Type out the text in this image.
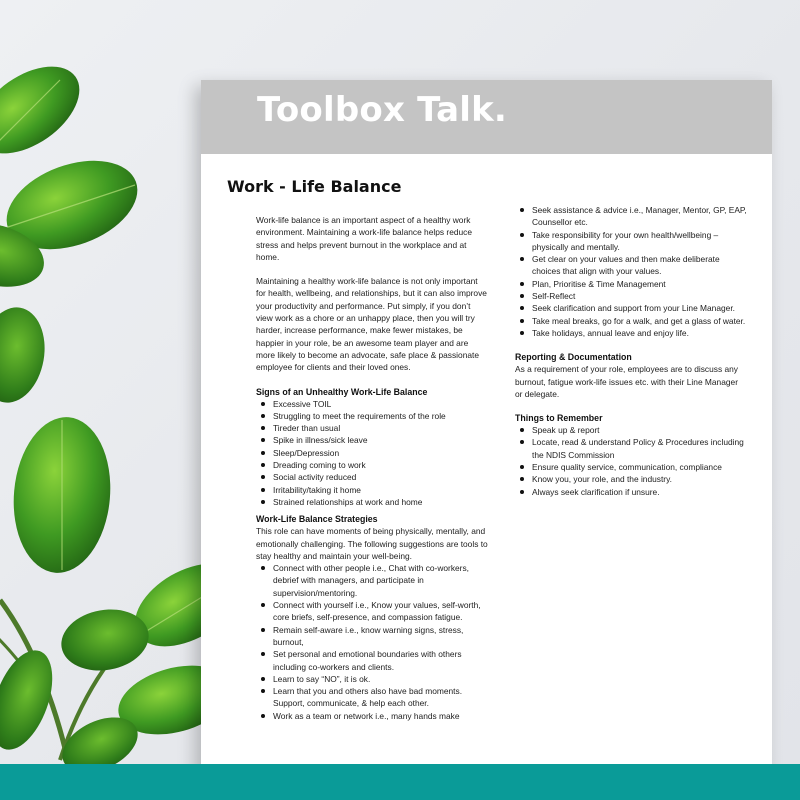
Toolbox Talk.
Work - Life Balance

Work-life balance is an important aspect of a healthy work environment. Maintaining a work-life balance helps reduce stress and helps prevent burnout in the workplace and at home.

Maintaining a healthy work-life balance is not only important for health, wellbeing, and relationships, but it can also improve your productivity and performance. Put simply, if you don’t view work as a chore or an unhappy place, then you will try harder, increase performance, make fewer mistakes, be happier in your role, be an awesome team player and are more likely to become an advocate, safe place & passionate employee for clients and their loved ones.

Signs of an Unhealthy Work-Life Balance
Excessive TOIL
Struggling to meet the requirements of the role
Tireder than usual
Spike in illness/sick leave
Sleep/Depression
Dreading coming to work
Social activity reduced
Irritability/taking it home
Strained relationships at work and home
Work-Life Balance Strategies

This role can have moments of being physically, mentally, and emotionally challenging. The following suggestions are tools to stay healthy and maintain your well-being.

Connect with other people i.e., Chat with co-workers, debrief with managers, and participate in supervision/mentoring.
Connect with yourself i.e., Know your values, self-worth, core briefs, self-presence, and compassion fatigue.
Remain self-aware i.e., know warning signs, stress, burnout,
Set personal and emotional boundaries with others including co-workers and clients.
Learn to say “NO”, it is ok.
Learn that you and others also have bad moments. Support, communicate, & help each other.
Work as a team or network i.e., many hands make
Seek assistance & advice i.e., Manager, Mentor, GP, EAP, Counsellor etc.
Take responsibility for your own health/wellbeing – physically and mentally.
Get clear on your values and then make deliberate choices that align with your values.
Plan, Prioritise & Time Management
Self-Reflect
Seek clarification and support from your Line Manager.
Take meal breaks, go for a walk, and get a glass of water.
Take holidays, annual leave and enjoy life.
Reporting & Documentation

As a requirement of your role, employees are to discuss any burnout, fatigue work-life issues etc. with their Line Manager or delegate.

Things to Remember
Speak up & report
Locate, read & understand Policy & Procedures including the NDIS Commission
Ensure quality service, communication, compliance
Know you, your role, and the industry.
Always seek clarification if unsure.
